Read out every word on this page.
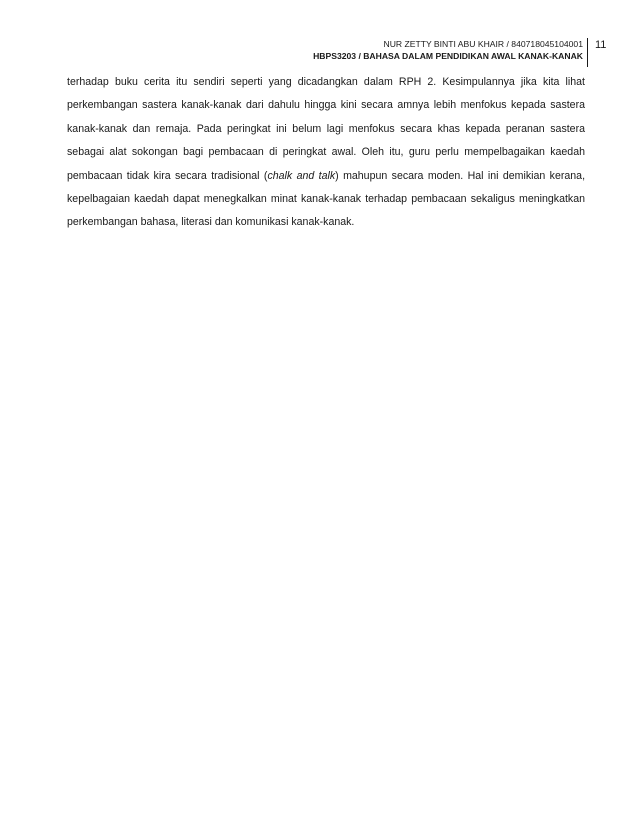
NUR ZETTY BINTI ABU KHAIR / 840718045104001
HBPS3203 / BAHASA DALAM PENDIDIKAN AWAL KANAK-KANAK
11

terhadap buku cerita itu sendiri seperti yang dicadangkan dalam RPH 2. Kesimpulannya jika kita lihat perkembangan sastera kanak-kanak dari dahulu hingga kini secara amnya lebih menfokus kepada sastera kanak-kanak dan remaja. Pada peringkat ini belum lagi menfokus secara khas kepada peranan sastera sebagai alat sokongan bagi pembacaan di peringkat awal. Oleh itu, guru perlu mempelbagaikan kaedah pembacaan tidak kira secara tradisional (chalk and talk) mahupun secara moden. Hal ini demikian kerana, kepelbagaian kaedah dapat menegkalkan minat kanak-kanak terhadap pembacaan sekaligus meningkatkan perkembangan bahasa, literasi dan komunikasi kanak-kanak.
